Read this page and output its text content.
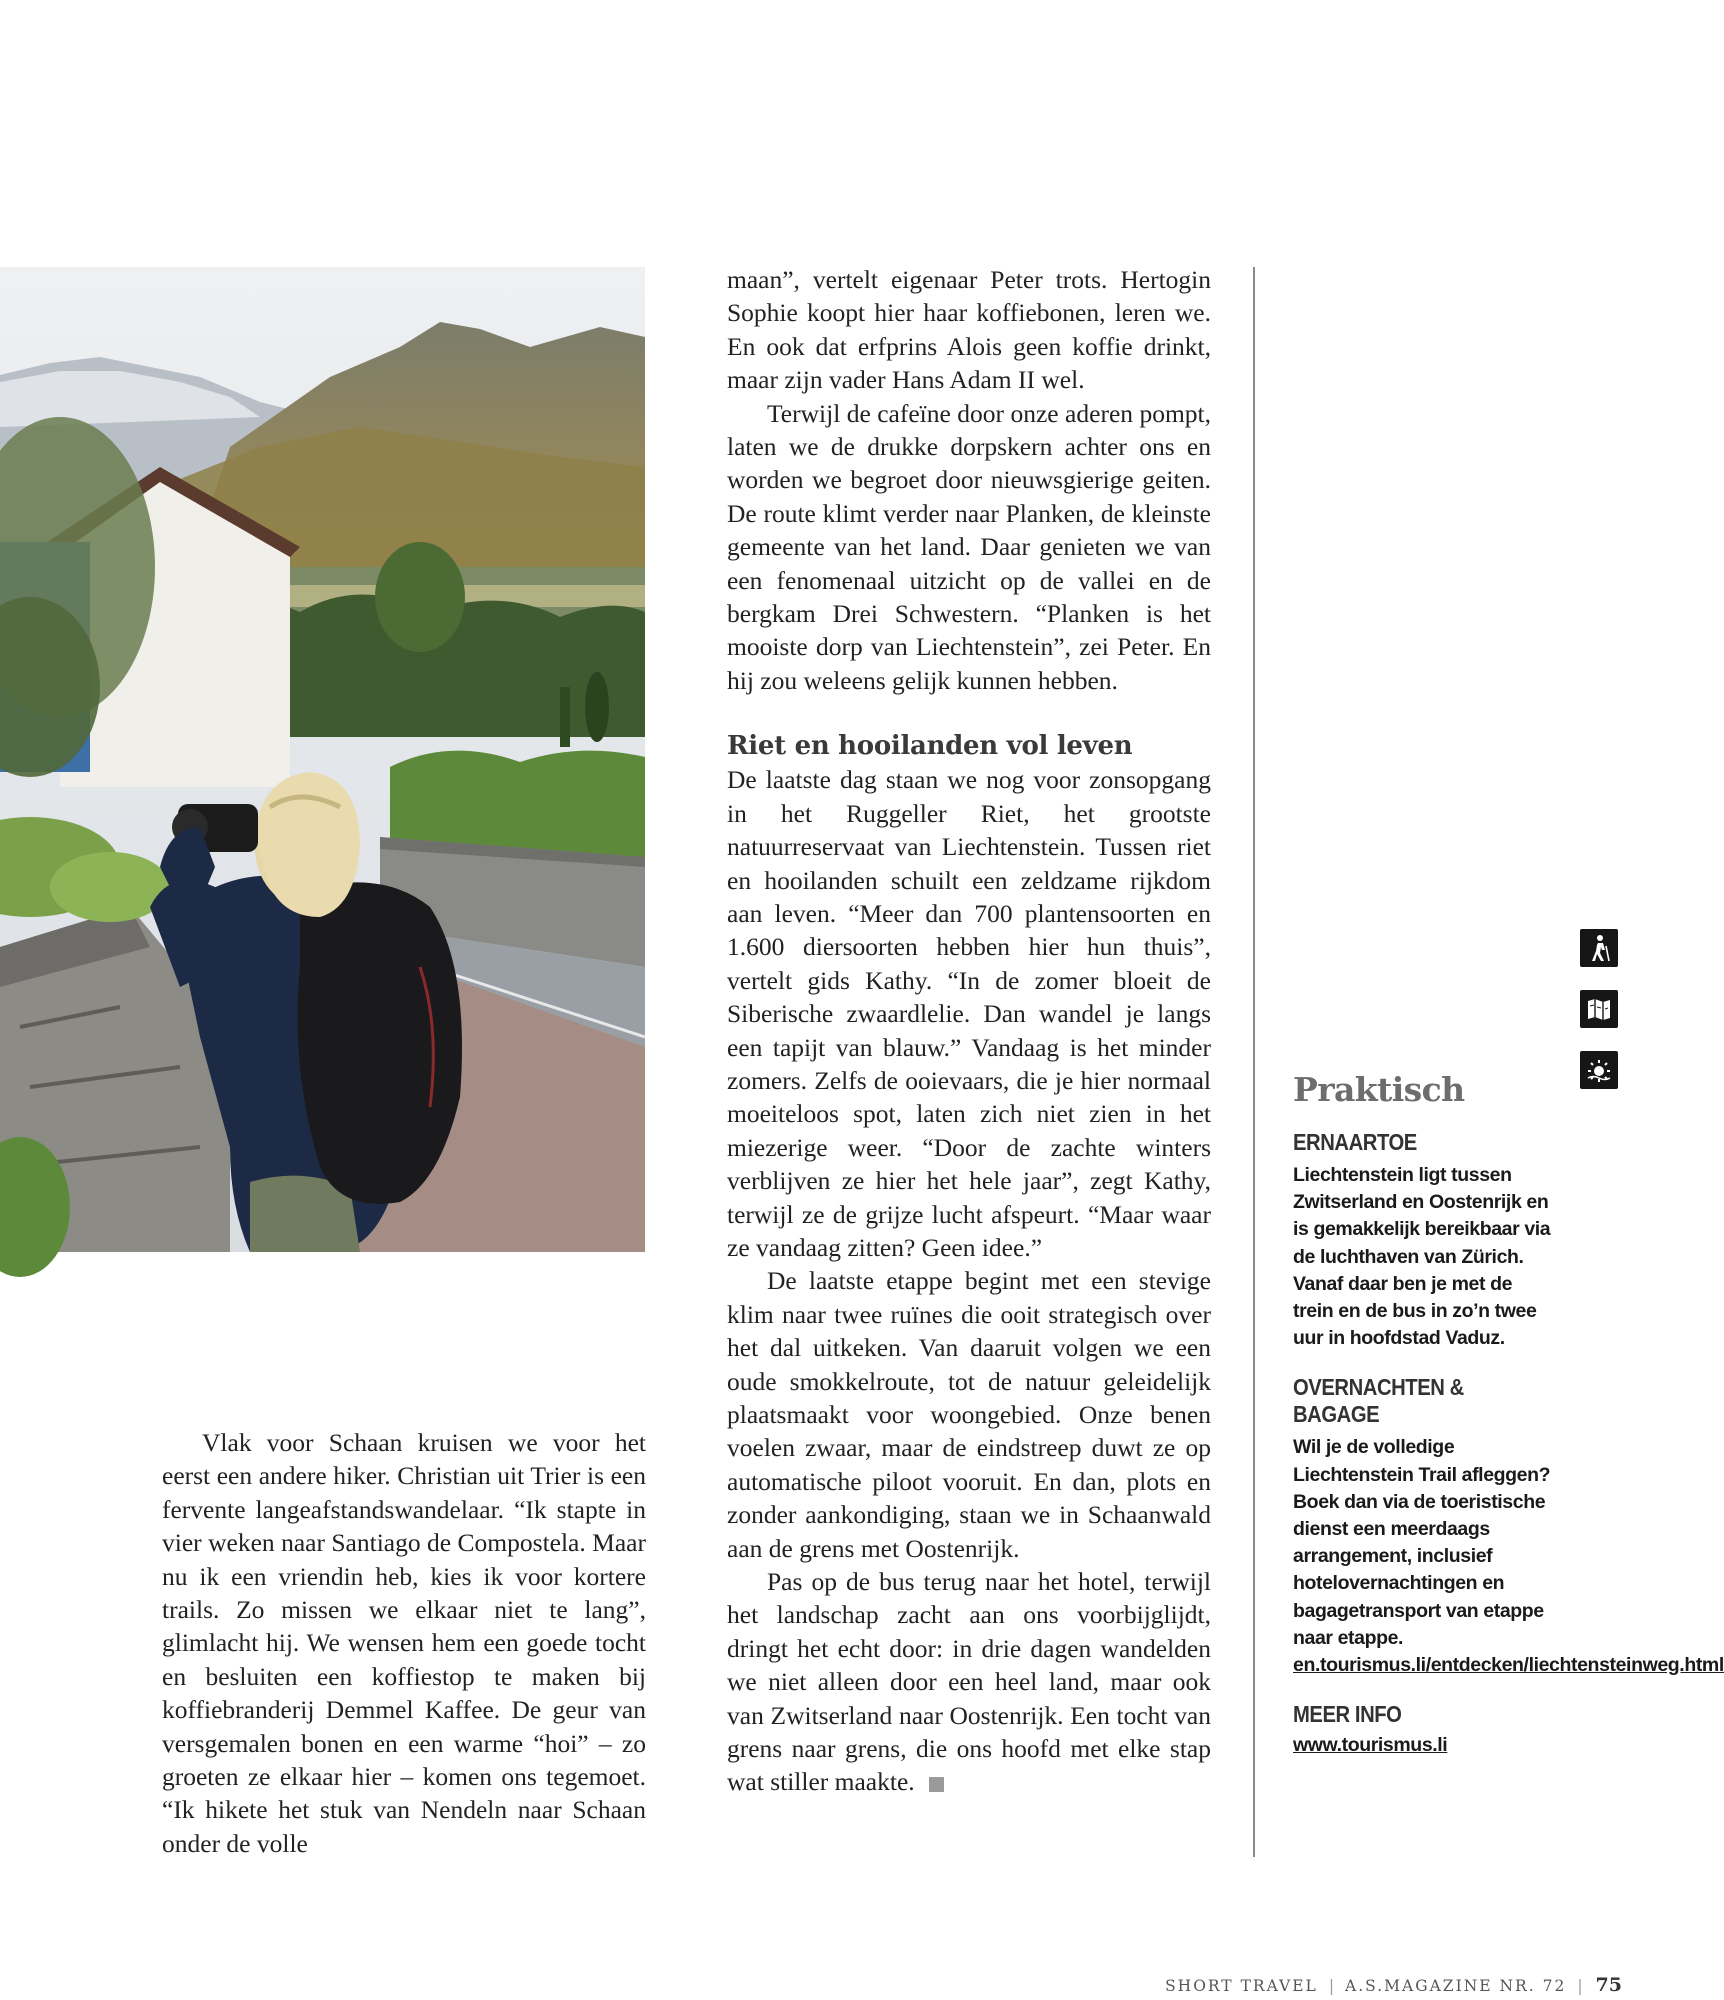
Vlak voor Schaan kruisen we voor het eerst een andere hiker. Christian uit Trier is een fervente langeafstandswandelaar. “Ik stapte in vier weken naar Santiago de Compostela. Maar nu ik een vriendin heb, kies ik voor kortere trails. Zo missen we elkaar niet te lang”, glimlacht hij. We wensen hem een goede tocht en besluiten een koffiestop te maken bij koffiebranderij Demmel Kaffee. De geur van versgemalen bonen en een warme “hoi” – zo groeten ze elkaar hier – komen ons tegemoet. “Ik hikete het stuk van Nendeln naar Schaan onder de volle

maan”, vertelt eigenaar Peter trots. Hertogin Sophie koopt hier haar koffiebonen, leren we. En ook dat erfprins Alois geen koffie drinkt, maar zijn vader Hans Adam II wel.

Terwijl de cafeïne door onze aderen pompt, laten we de drukke dorpskern achter ons en worden we begroet door nieuwsgierige geiten. De route klimt verder naar Planken, de kleinste gemeente van het land. Daar genieten we van een fenomenaal uitzicht op de vallei en de bergkam Drei Schwestern. “Planken is het mooiste dorp van Liechtenstein”, zei Peter. En hij zou weleens gelijk kunnen hebben.

Riet en hooilanden vol leven

De laatste dag staan we nog voor zonsopgang in het Ruggeller Riet, het grootste natuurreservaat van Liechtenstein. Tussen riet en hooilanden schuilt een zeldzame rijkdom aan leven. “Meer dan 700 plantensoorten en 1.600 diersoorten hebben hier hun thuis”, vertelt gids Kathy. “In de zomer bloeit de Siberische zwaardlelie. Dan wandel je langs een tapijt van blauw.” Vandaag is het minder zomers. Zelfs de ooievaars, die je hier normaal moeiteloos spot, laten zich niet zien in het miezerige weer. “Door de zachte winters verblijven ze hier het hele jaar”, zegt Kathy, terwijl ze de grijze lucht afspeurt. “Maar waar ze vandaag zitten? Geen idee.”

De laatste etappe begint met een stevige klim naar twee ruïnes die ooit strategisch over het dal uitkeken. Van daaruit volgen we een oude smokkelroute, tot de natuur geleidelijk plaatsmaakt voor woongebied. Onze benen voelen zwaar, maar de eindstreep duwt ze op automatische piloot vooruit. En dan, plots en zonder aankondiging, staan we in Schaanwald aan de grens met Oostenrijk.

Pas op de bus terug naar het hotel, terwijl het landschap zacht aan ons voorbijglijdt, dringt het echt door: in drie dagen wandelden we niet alleen door een heel land, maar ook van Zwitserland naar Oostenrijk. Een tocht van grens naar grens, die ons hoofd met elke stap wat stiller maakte.

Praktisch
ERNAARTOE
Liechtenstein ligt tussen Zwitserland en Oostenrijk en is gemakkelijk bereikbaar via de luchthaven van Zürich. Vanaf daar ben je met de trein en de bus in zo’n twee uur in hoofdstad Vaduz.
OVERNACHTEN & BAGAGE
Wil je de volledige Liechtenstein Trail afleggen? Boek dan via de toeristische dienst een meerdaags arrangement, inclusief hotelovernachtingen en bagagetransport van etappe naar etappe.
en.tourismus.li/entdecken/liechtensteinweg.html
MEER INFO
www.tourismus.li
SHORT TRAVEL | A.S.MAGAZINE NR. 72 | 75
